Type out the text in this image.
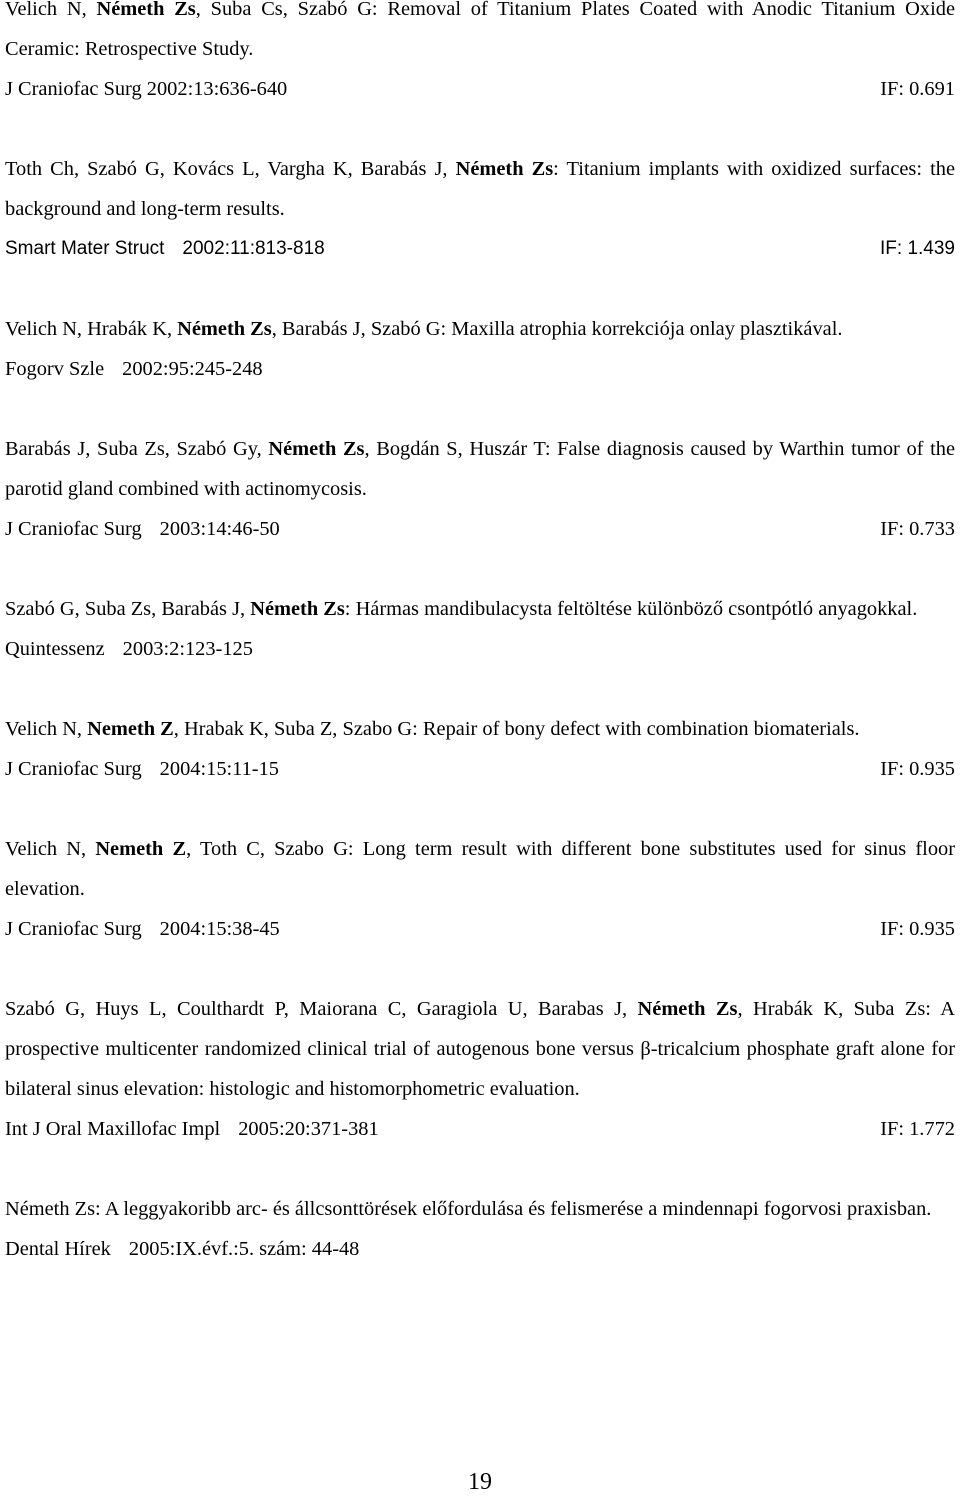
Velich N, Németh Zs, Suba Cs, Szabó G: Removal of Titanium Plates Coated with Anodic Titanium Oxide Ceramic: Retrospective Study.
J Craniofac Surg 2002:13:636-640	IF: 0.691
Toth Ch, Szabó G, Kovács L, Vargha K, Barabás J, Németh Zs: Titanium implants with oxidized surfaces: the background and long-term results.
Smart Mater Struct 2002:11:813-818	IF: 1.439
Velich N, Hrabák K, Németh Zs, Barabás J, Szabó G: Maxilla atrophia korrekciója onlay plasztikával.
Fogorv Szle 2002:95:245-248
Barabás J, Suba Zs, Szabó Gy, Németh Zs, Bogdán S, Huszár T: False diagnosis caused by Warthin tumor of the parotid gland combined with actinomycosis.
J Craniofac Surg 2003:14:46-50	IF: 0.733
Szabó G, Suba Zs, Barabás J, Németh Zs: Hármas mandibulacysta feltöltése különböző csontpótló anyagokkal.
Quintessenz 2003:2:123-125
Velich N, Nemeth Z, Hrabak K, Suba Z, Szabo G: Repair of bony defect with combination biomaterials.
J Craniofac Surg 2004:15:11-15	IF: 0.935
Velich N, Nemeth Z, Toth C, Szabo G: Long term result with different bone substitutes used for sinus floor elevation.
J Craniofac Surg 2004:15:38-45	IF: 0.935
Szabó G, Huys L, Coulthardt P, Maiorana C, Garagiola U, Barabas J, Németh Zs, Hrabák K, Suba Zs: A prospective multicenter randomized clinical trial of autogenous bone versus β-tricalcium phosphate graft alone for bilateral sinus elevation: histologic and histomorphometric evaluation.
Int J Oral Maxillofac Impl 2005:20:371-381	IF: 1.772
Németh Zs: A leggyakoribb arc- és állcsonttörések előfordulása és felismerése a mindennapi fogorvosi praxisban.
Dental Hírek 2005:IX.évf.:5. szám: 44-48
19
